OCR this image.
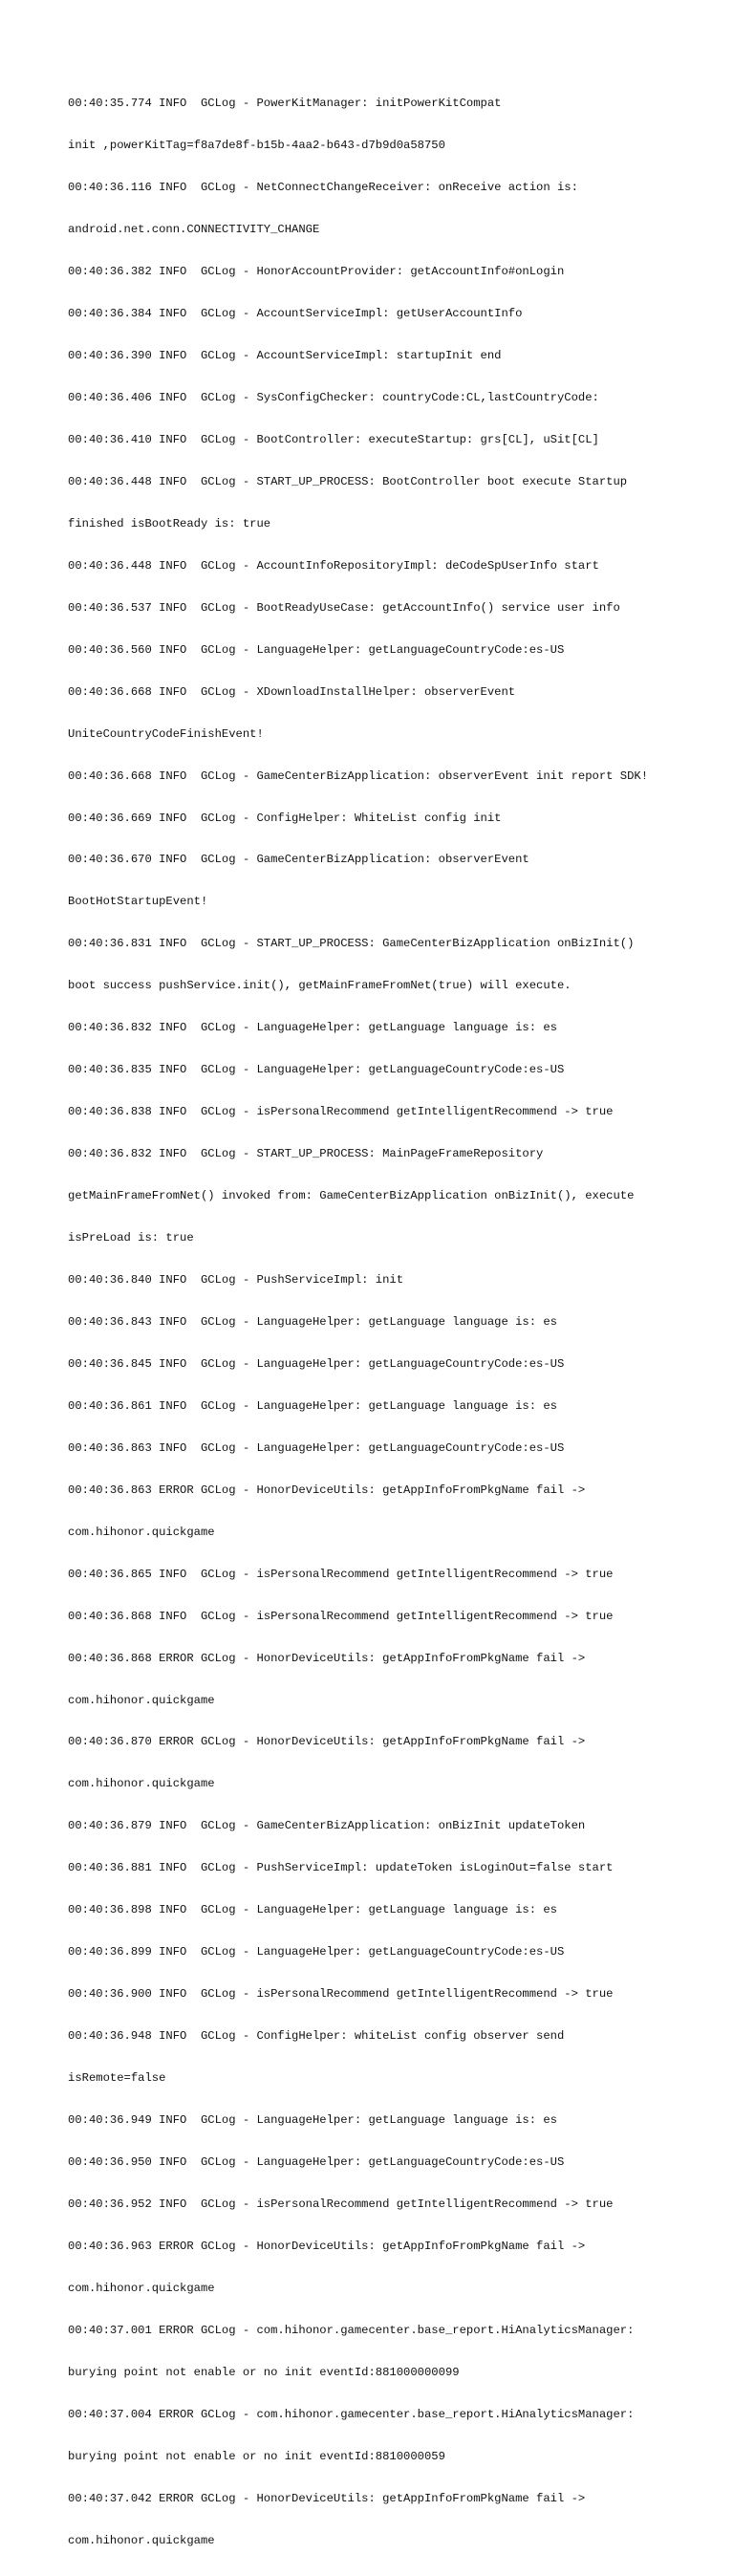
00:40:35.774 INFO  GCLog - PowerKitManager: initPowerKitCompat

init ,powerKitTag=f8a7de8f-b15b-4aa2-b643-d7b9d0a58750

00:40:36.116 INFO  GCLog - NetConnectChangeReceiver: onReceive action is:

android.net.conn.CONNECTIVITY_CHANGE

00:40:36.382 INFO  GCLog - HonorAccountProvider: getAccountInfo#onLogin

00:40:36.384 INFO  GCLog - AccountServiceImpl: getUserAccountInfo

00:40:36.390 INFO  GCLog - AccountServiceImpl: startupInit end

00:40:36.406 INFO  GCLog - SysConfigChecker: countryCode:CL,lastCountryCode:

00:40:36.410 INFO  GCLog - BootController: executeStartup: grs[CL], uSit[CL]

00:40:36.448 INFO  GCLog - START_UP_PROCESS: BootController boot execute Startup

finished isBootReady is: true

00:40:36.448 INFO  GCLog - AccountInfoRepositoryImpl: deCodeSpUserInfo start

00:40:36.537 INFO  GCLog - BootReadyUseCase: getAccountInfo() service user info

00:40:36.560 INFO  GCLog - LanguageHelper: getLanguageCountryCode:es-US

00:40:36.668 INFO  GCLog - XDownloadInstallHelper: observerEvent

UniteCountryCodeFinishEvent!

00:40:36.668 INFO  GCLog - GameCenterBizApplication: observerEvent init report SDK!

00:40:36.669 INFO  GCLog - ConfigHelper: WhiteList config init

00:40:36.670 INFO  GCLog - GameCenterBizApplication: observerEvent

BootHotStartupEvent!

00:40:36.831 INFO  GCLog - START_UP_PROCESS: GameCenterBizApplication onBizInit()

boot success pushService.init(), getMainFrameFromNet(true) will execute.

00:40:36.832 INFO  GCLog - LanguageHelper: getLanguage language is: es

00:40:36.835 INFO  GCLog - LanguageHelper: getLanguageCountryCode:es-US

00:40:36.838 INFO  GCLog - isPersonalRecommend getIntelligentRecommend -> true

00:40:36.832 INFO  GCLog - START_UP_PROCESS: MainPageFrameRepository

getMainFrameFromNet() invoked from: GameCenterBizApplication onBizInit(), execute

isPreLoad is: true

00:40:36.840 INFO  GCLog - PushServiceImpl: init

00:40:36.843 INFO  GCLog - LanguageHelper: getLanguage language is: es

00:40:36.845 INFO  GCLog - LanguageHelper: getLanguageCountryCode:es-US

00:40:36.861 INFO  GCLog - LanguageHelper: getLanguage language is: es

00:40:36.863 INFO  GCLog - LanguageHelper: getLanguageCountryCode:es-US

00:40:36.863 ERROR GCLog - HonorDeviceUtils: getAppInfoFromPkgName fail ->

com.hihonor.quickgame

00:40:36.865 INFO  GCLog - isPersonalRecommend getIntelligentRecommend -> true

00:40:36.868 INFO  GCLog - isPersonalRecommend getIntelligentRecommend -> true

00:40:36.868 ERROR GCLog - HonorDeviceUtils: getAppInfoFromPkgName fail ->

com.hihonor.quickgame

00:40:36.870 ERROR GCLog - HonorDeviceUtils: getAppInfoFromPkgName fail ->

com.hihonor.quickgame

00:40:36.879 INFO  GCLog - GameCenterBizApplication: onBizInit updateToken

00:40:36.881 INFO  GCLog - PushServiceImpl: updateToken isLoginOut=false start

00:40:36.898 INFO  GCLog - LanguageHelper: getLanguage language is: es

00:40:36.899 INFO  GCLog - LanguageHelper: getLanguageCountryCode:es-US

00:40:36.900 INFO  GCLog - isPersonalRecommend getIntelligentRecommend -> true

00:40:36.948 INFO  GCLog - ConfigHelper: whiteList config observer send

isRemote=false

00:40:36.949 INFO  GCLog - LanguageHelper: getLanguage language is: es

00:40:36.950 INFO  GCLog - LanguageHelper: getLanguageCountryCode:es-US

00:40:36.952 INFO  GCLog - isPersonalRecommend getIntelligentRecommend -> true

00:40:36.963 ERROR GCLog - HonorDeviceUtils: getAppInfoFromPkgName fail ->

com.hihonor.quickgame

00:40:37.001 ERROR GCLog - com.hihonor.gamecenter.base_report.HiAnalyticsManager:

burying point not enable or no init eventId:881000000099

00:40:37.004 ERROR GCLog - com.hihonor.gamecenter.base_report.HiAnalyticsManager:

burying point not enable or no init eventId:8810000059

00:40:37.042 ERROR GCLog - HonorDeviceUtils: getAppInfoFromPkgName fail ->

com.hihonor.quickgame
